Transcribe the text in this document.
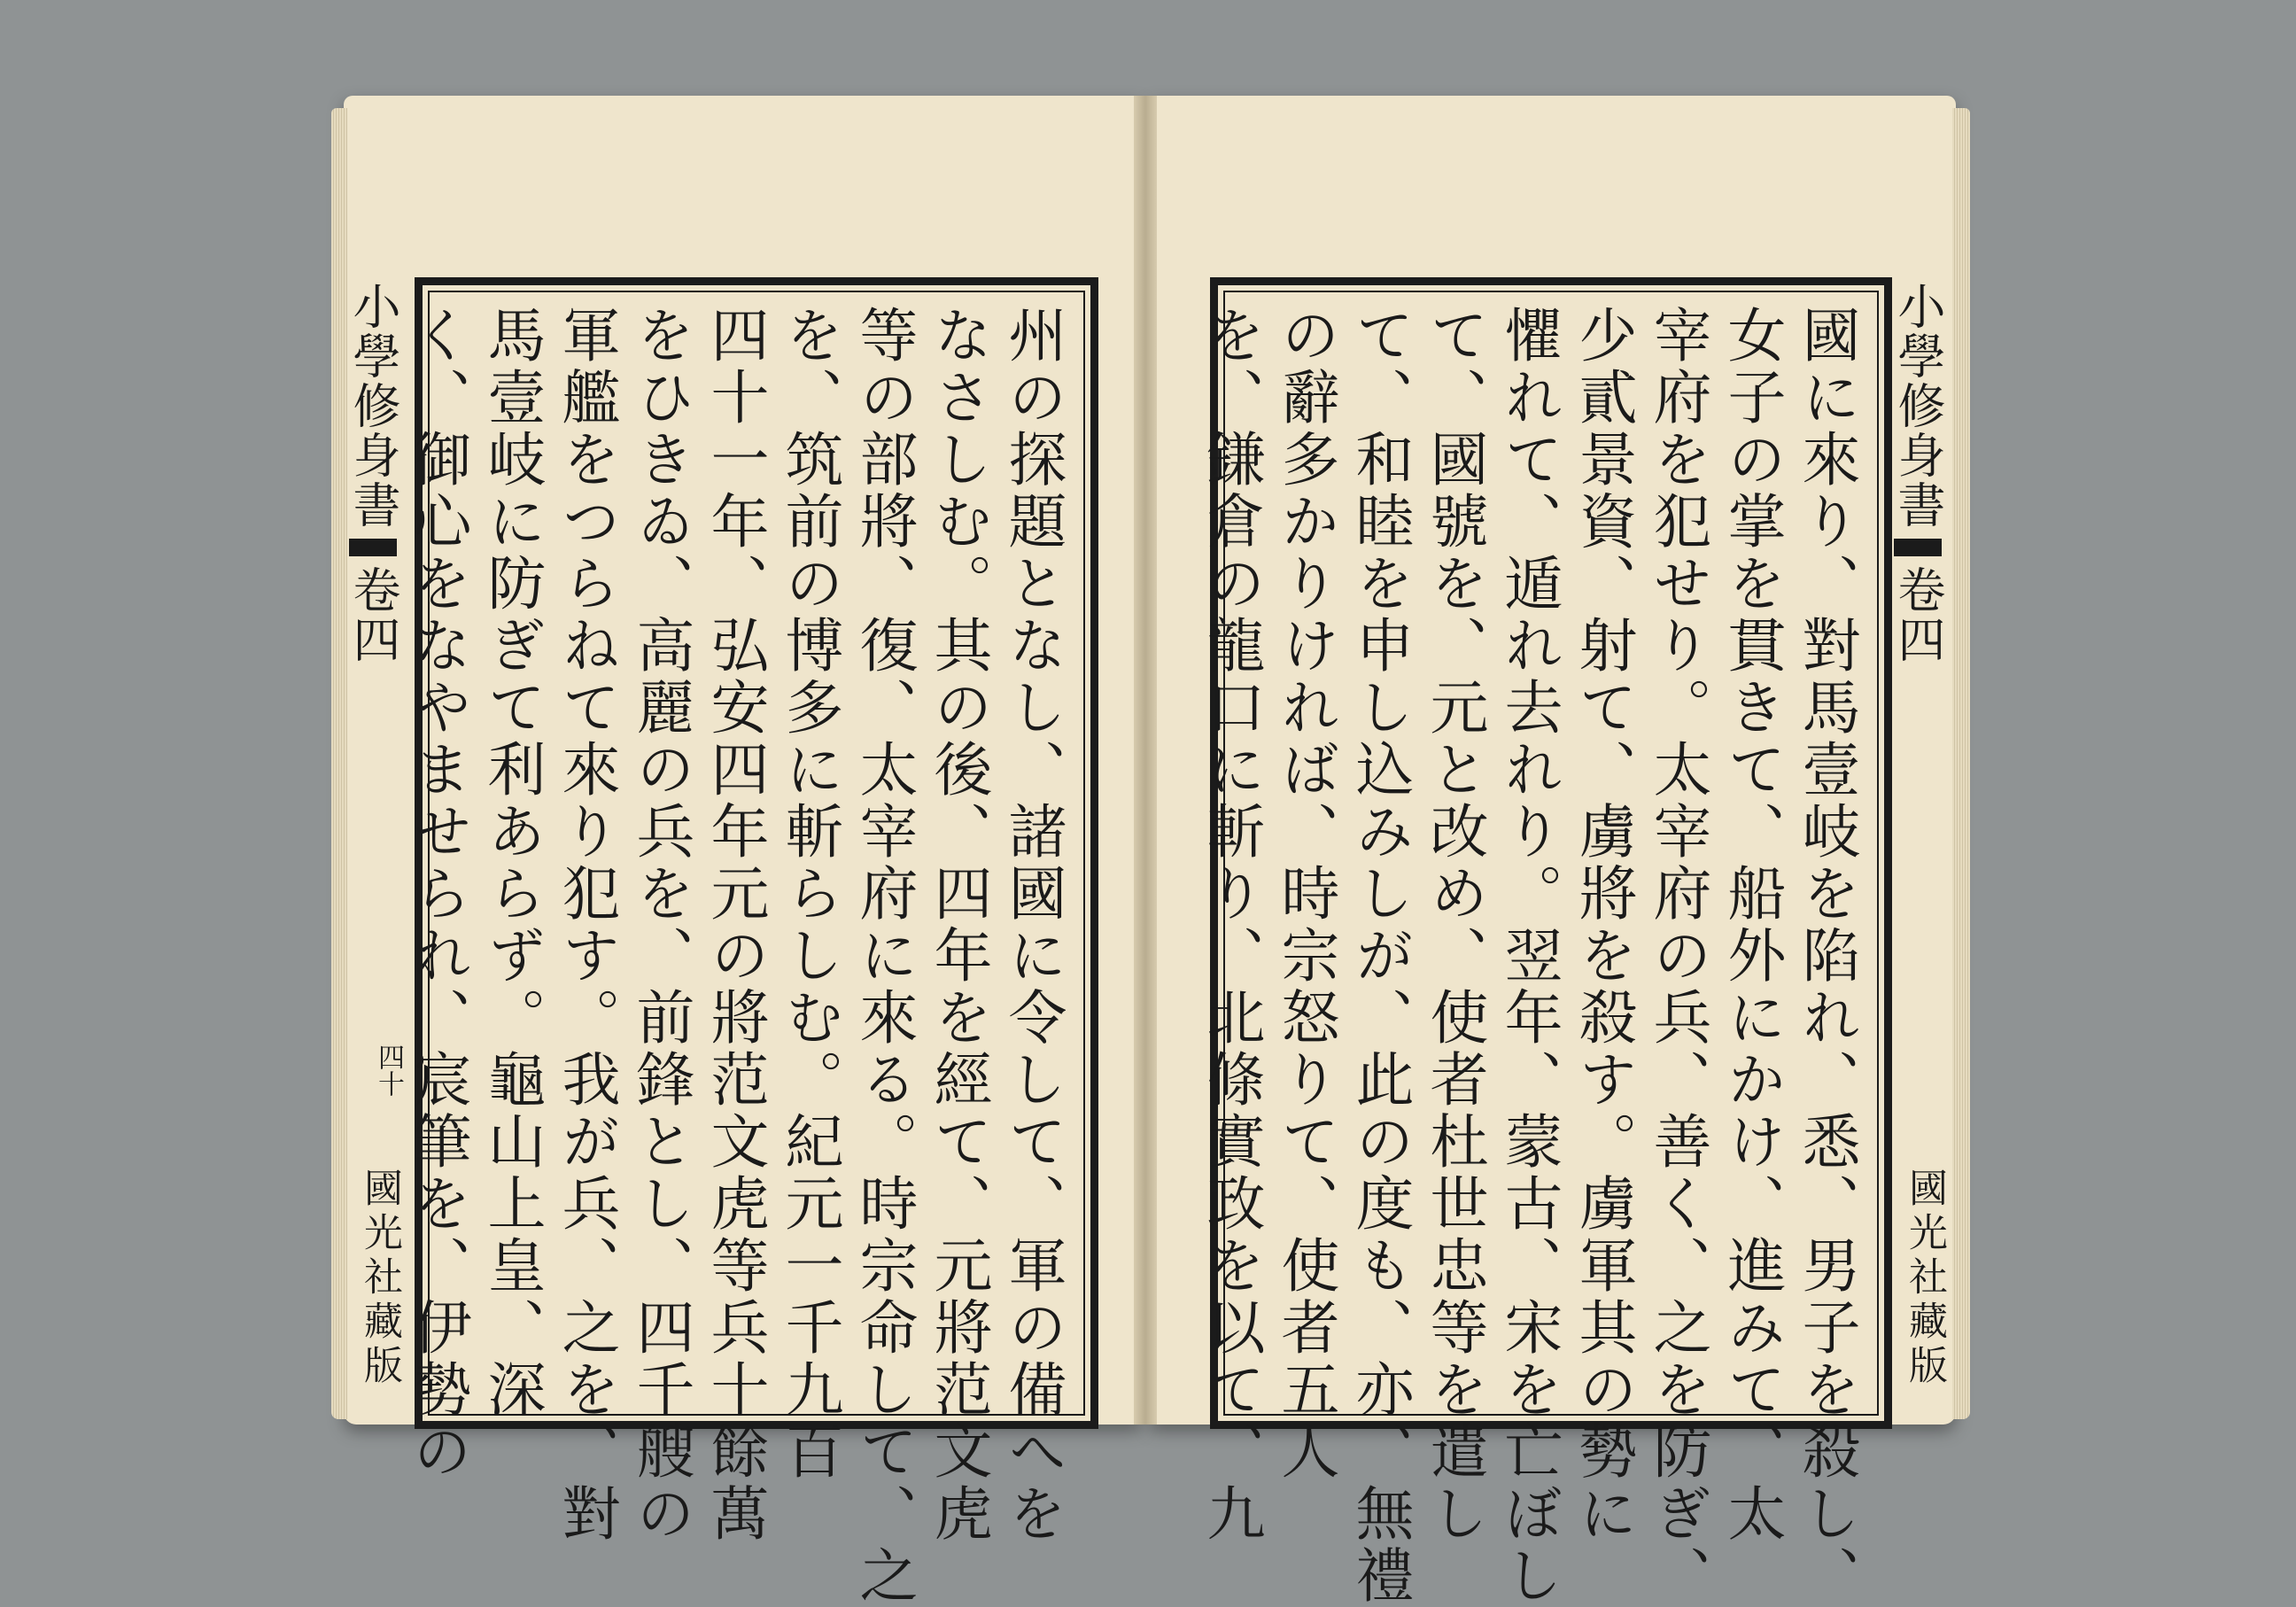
小學修身書卷四
四十
國光社藏版	州の探題となし、諸國に令して、軍の備へを
なさしむ。其の後、四年を經て、元將范文虎
等の部將、復、太宰府に來る。時宗命して、之
を、筑前の博多に斬らしむ。紀元一千九百
四十一年、弘安四年元の將范文虎等兵十餘萬
をひきゐ、高麗の兵を、前鋒とし、四千艘の
軍艦をつらねて來り犯す。我が兵、之を、對
馬壹岐に防ぎて利あらず。龜山上皇、深
く、御心をなやませられ、宸筆を、伊勢の	國に來り、對馬壹岐を陷れ、悉、男子を殺し、
女子の掌を貫きて、船外にかけ、進みて、太
宰府を犯せり。太宰府の兵、善く、之を防ぎ、
少貳景資、射て、虜將を殺す。虜軍其の勢に
懼れて、遁れ去れり。翌年、蒙古、宋を亡ぼし
て、國號を、元と改め、使者杜世忠等を遣し
て、和睦を申し込みしが、此の度も、亦、無禮
の辭多かりければ、時宗怒りて、使者五人
を、鎌倉の龍口に斬り、北條實政を以て、九	小學修身書卷四
國光社藏版
